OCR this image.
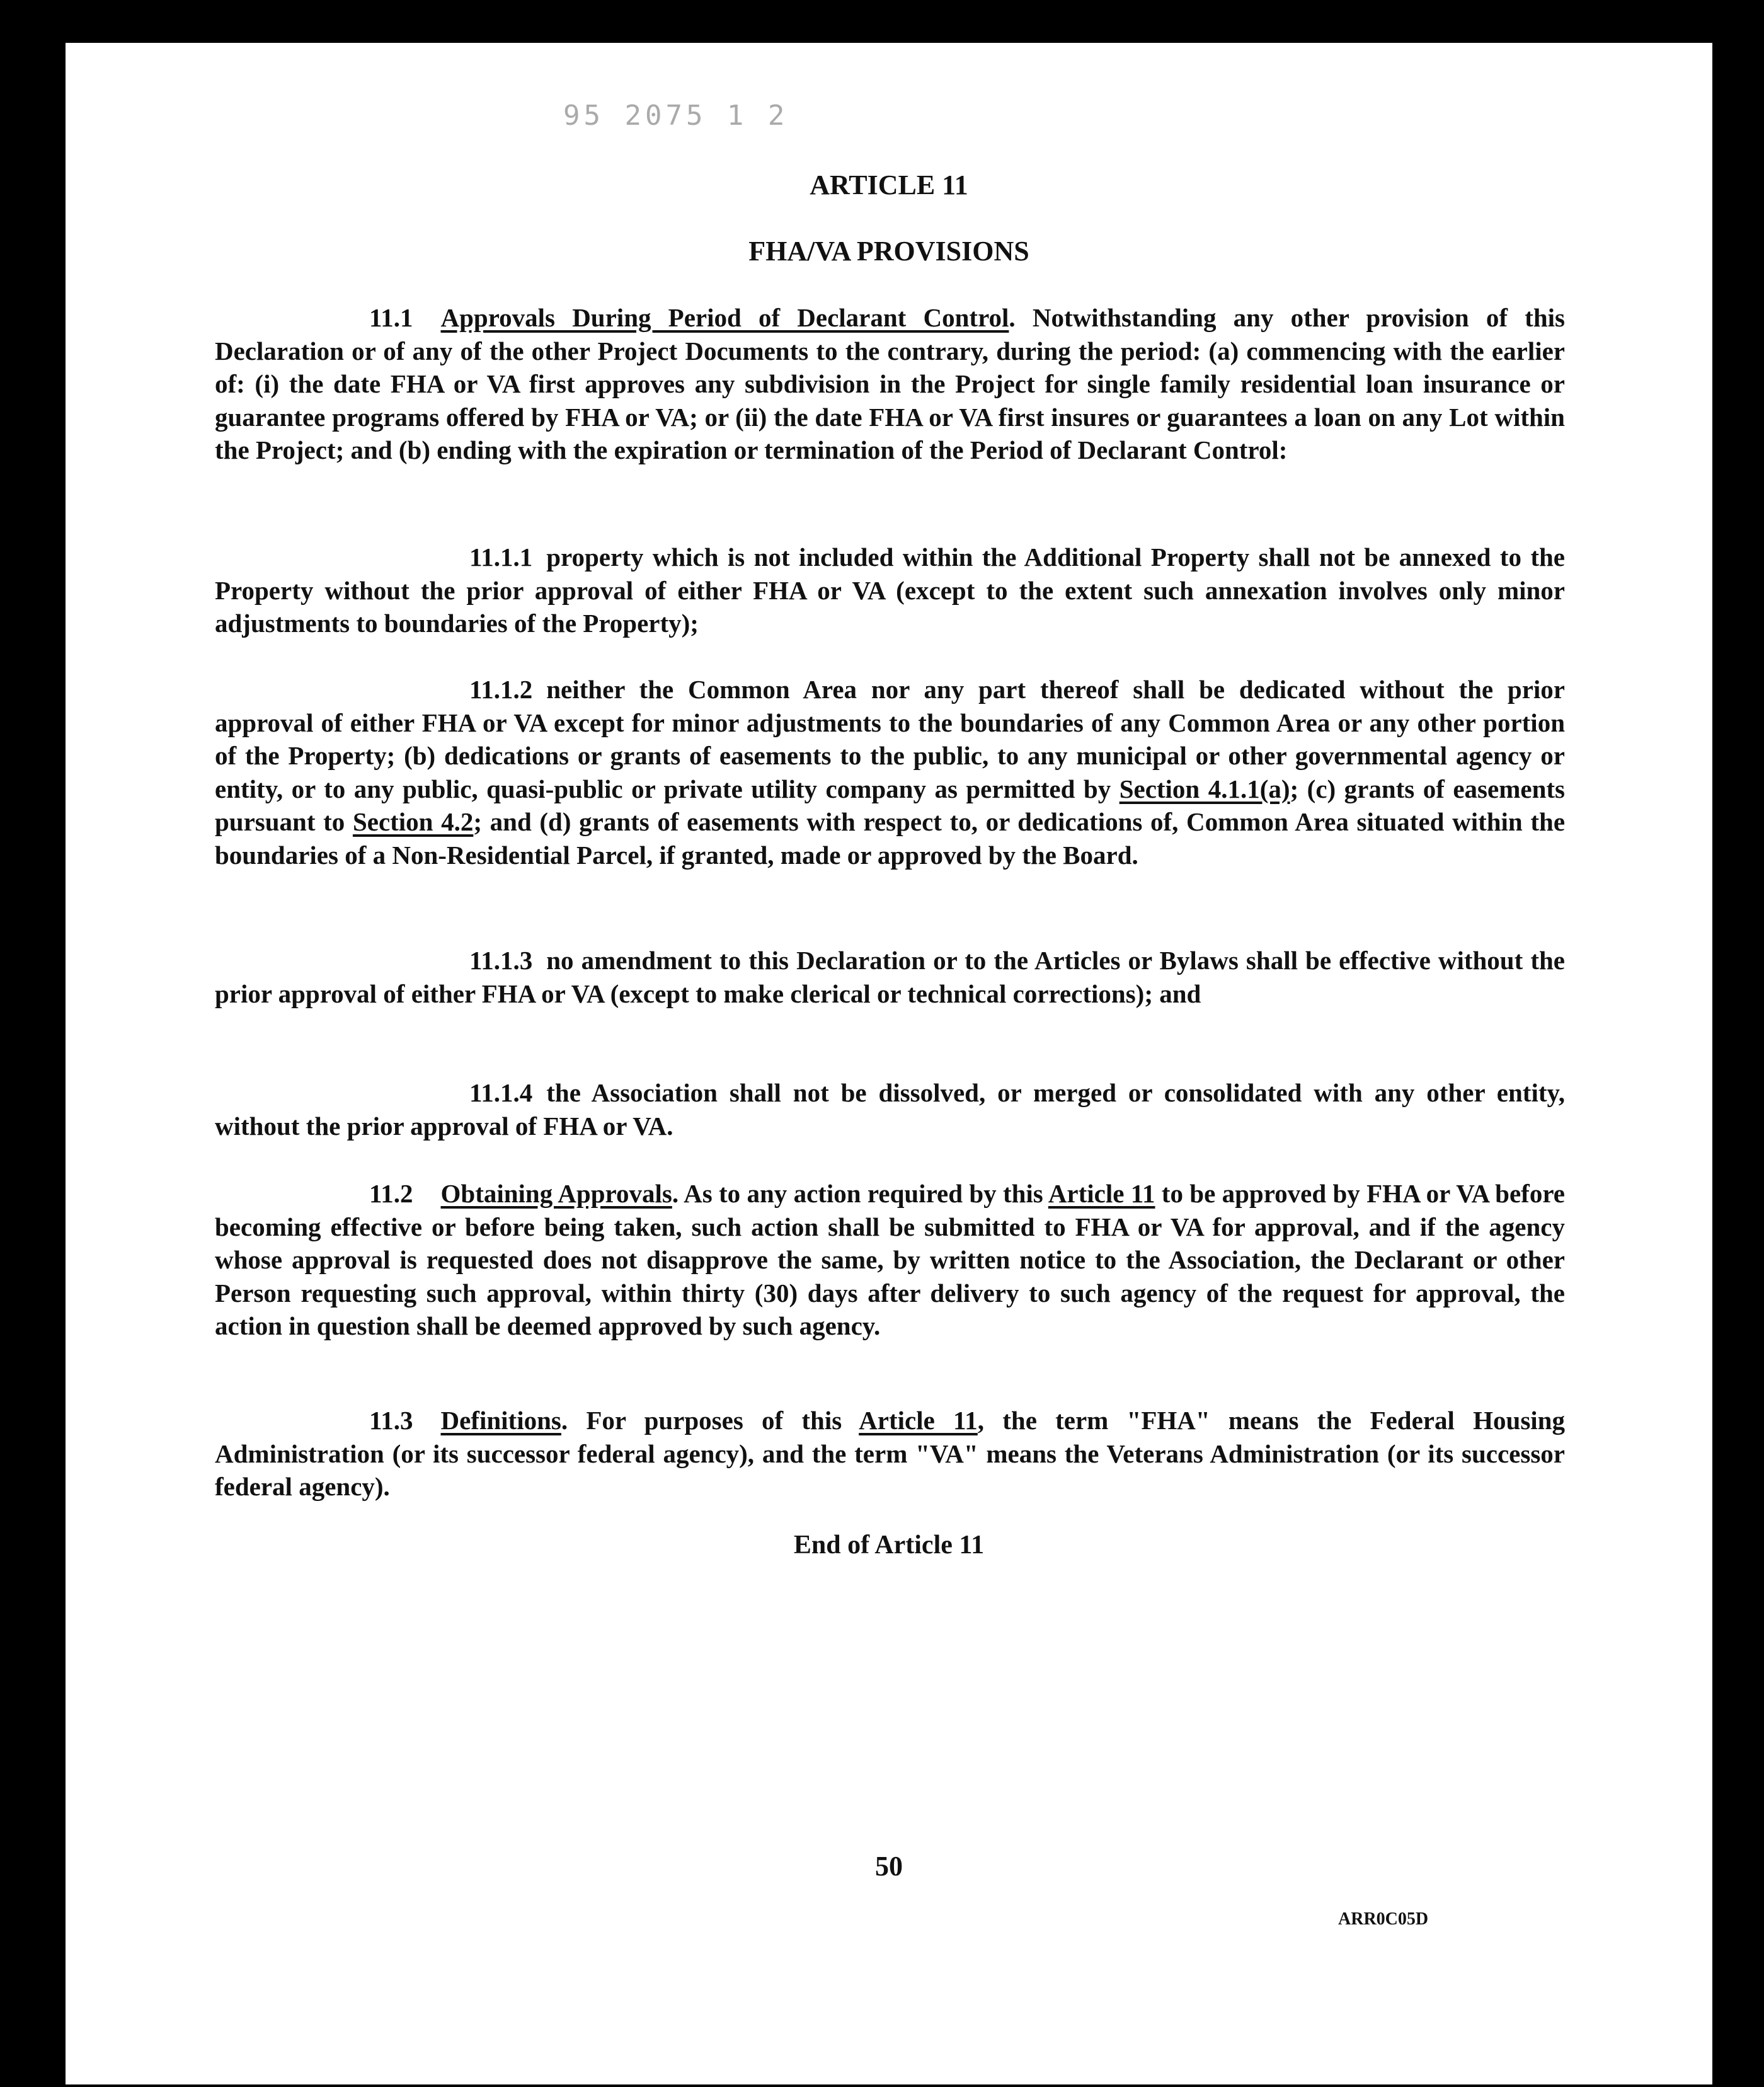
95 2075 1 2
ARTICLE 11
FHA/VA PROVISIONS
11.1 Approvals During Period of Declarant Control. Notwithstanding any other provision of this Declaration or of any of the other Project Documents to the contrary, during the period: (a) commencing with the earlier of: (i) the date FHA or VA first approves any subdivision in the Project for single family residential loan insurance or guarantee programs offered by FHA or VA; or (ii) the date FHA or VA first insures or guarantees a loan on any Lot within the Project; and (b) ending with the expiration or termination of the Period of Declarant Control:
11.1.1 property which is not included within the Additional Property shall not be annexed to the Property without the prior approval of either FHA or VA (except to the extent such annexation involves only minor adjustments to boundaries of the Property);
11.1.2 neither the Common Area nor any part thereof shall be dedicated without the prior approval of either FHA or VA except for minor adjustments to the boundaries of any Common Area or any other portion of the Property; (b) dedications or grants of easements to the public, to any municipal or other governmental agency or entity, or to any public, quasi-public or private utility company as permitted by Section 4.1.1(a); (c) grants of easements pursuant to Section 4.2; and (d) grants of easements with respect to, or dedications of, Common Area situated within the boundaries of a Non-Residential Parcel, if granted, made or approved by the Board.
11.1.3 no amendment to this Declaration or to the Articles or Bylaws shall be effective without the prior approval of either FHA or VA (except to make clerical or technical corrections); and
11.1.4 the Association shall not be dissolved, or merged or consolidated with any other entity, without the prior approval of FHA or VA.
11.2 Obtaining Approvals. As to any action required by this Article 11 to be approved by FHA or VA before becoming effective or before being taken, such action shall be submitted to FHA or VA for approval, and if the agency whose approval is requested does not disapprove the same, by written notice to the Association, the Declarant or other Person requesting such approval, within thirty (30) days after delivery to such agency of the request for approval, the action in question shall be deemed approved by such agency.
11.3 Definitions. For purposes of this Article 11, the term "FHA" means the Federal Housing Administration (or its successor federal agency), and the term "VA" means the Veterans Administration (or its successor federal agency).
End of Article 11
50
ARR0C05D
